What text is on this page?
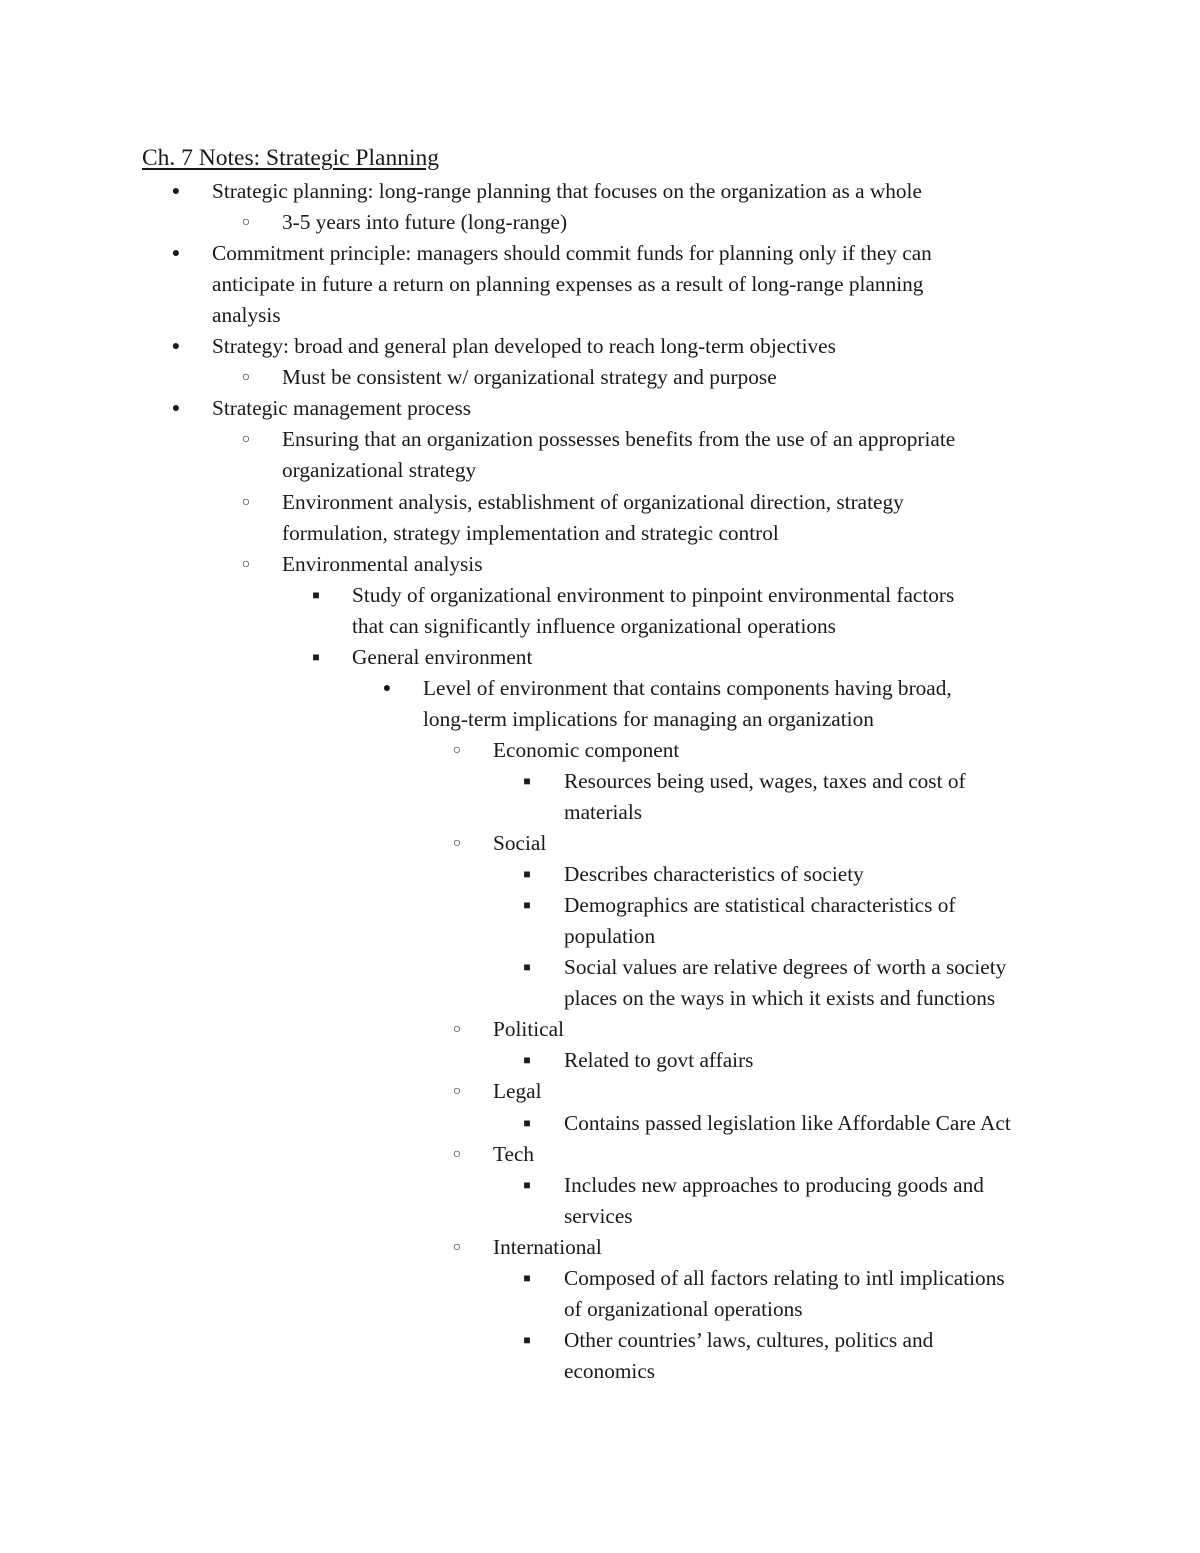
Ch. 7 Notes: Strategic Planning
● Strategic planning: long-range planning that focuses on the organization as a whole
○ 3-5 years into future (long-range)
● Commitment principle: managers should commit funds for planning only if they can
anticipate in future a return on planning expenses as a result of long-range planning
analysis
● Strategy: broad and general plan developed to reach long-term objectives
○ Must be consistent w/ organizational strategy and purpose
● Strategic management process
○ Ensuring that an organization possesses benefits from the use of an appropriate
organizational strategy
○ Environment analysis, establishment of organizational direction, strategy
formulation, strategy implementation and strategic control
○ Environmental analysis
■ Study of organizational environment to pinpoint environmental factors
that can significantly influence organizational operations
■ General environment
● Level of environment that contains components having broad,
long-term implications for managing an organization
○ Economic component
■ Resources being used, wages, taxes and cost of
materials
○ Social
■ Describes characteristics of society
■ Demographics are statistical characteristics of
population
■ Social values are relative degrees of worth a society
places on the ways in which it exists and functions
○ Political
■ Related to govt affairs
○ Legal
■ Contains passed legislation like Affordable Care Act
○ Tech
■ Includes new approaches to producing goods and
services
○ International
■ Composed of all factors relating to intl implications
of organizational operations
■ Other countries’ laws, cultures, politics and
economics
